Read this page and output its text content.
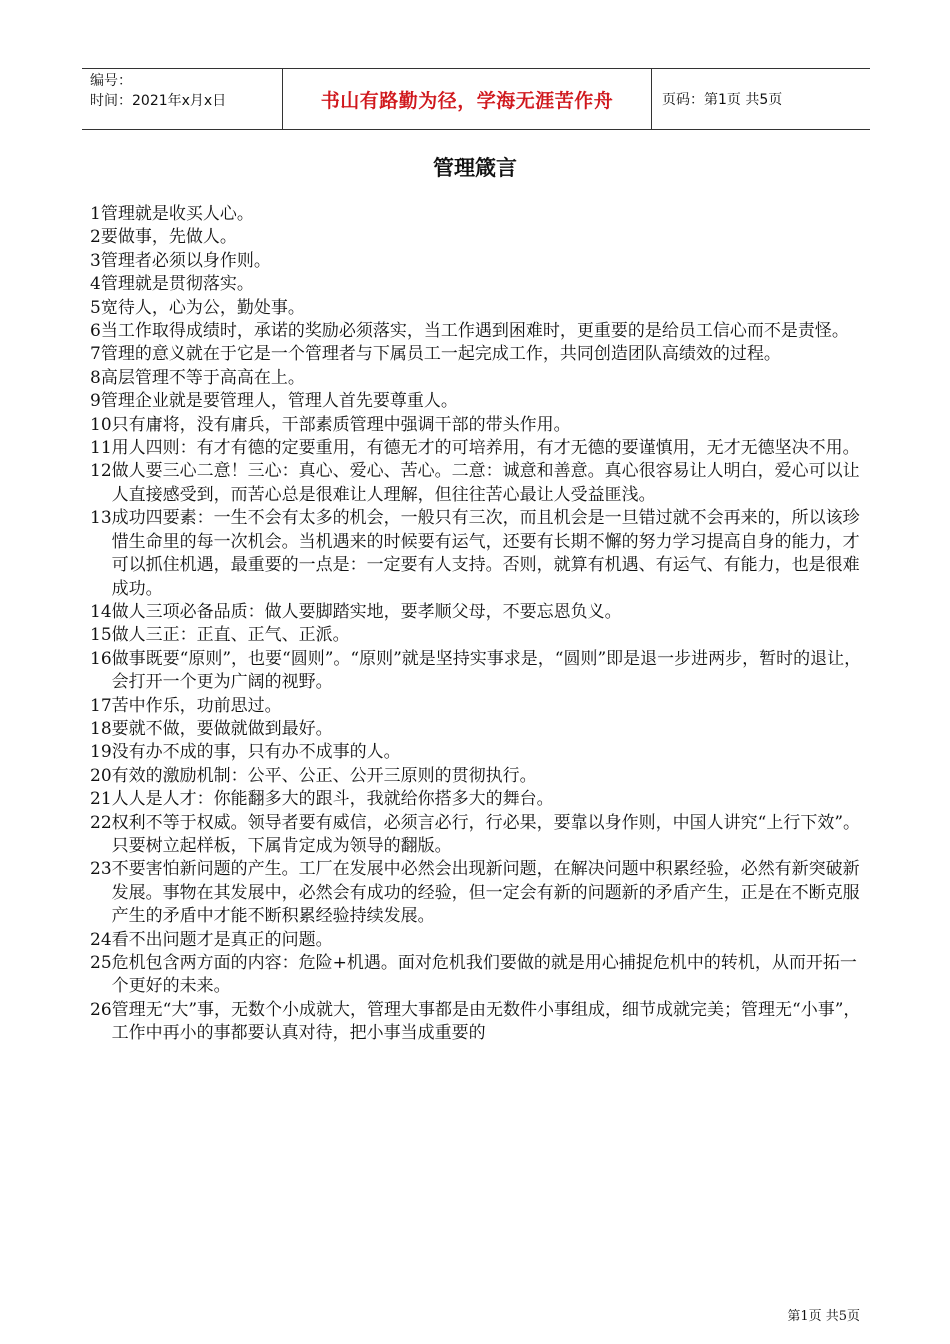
编号：
时间：2021年x月x日	书山有路勤为径，学海无涯苦作舟	页码：第1页 共5页
管理箴言
1 管理就是收买人心。
2 要做事，先做人。
3 管理者必须以身作则。
4 管理就是贯彻落实。
5 宽待人，心为公，勤处事。
6 当工作取得成绩时，承诺的奖励必须落实，当工作遇到困难时，更重要的是给员工信心而不是责怪。
7 管理的意义就在于它是一个管理者与下属员工一起完成工作，共同创造团队高绩效的过程。
8 高层管理不等于高高在上。
9 管理企业就是要管理人，管理人首先要尊重人。
10 只有庸将，没有庸兵，干部素质管理中强调干部的带头作用。
11 用人四则：有才有德的定要重用，有德无才的可培养用，有才无德的要谨慎用，无才无德坚决不用。
12 做人要三心二意！三心：真心、爱心、苦心。二意：诚意和善意。真心很容易让人明白，爱心可以让人直接感受到，而苦心总是很难让人理解，但往往苦心最让人受益匪浅。
13 成功四要素：一生不会有太多的机会，一般只有三次，而且机会是一旦错过就不会再来的，所以该珍惜生命里的每一次机会。当机遇来的时候要有运气，还要有长期不懈的努力学习提高自身的能力，才可以抓住机遇，最重要的一点是：一定要有人支持。否则，就算有机遇、有运气、有能力，也是很难成功。
14 做人三项必备品质：做人要脚踏实地，要孝顺父母，不要忘恩负义。
15 做人三正：正直、正气、正派。
16 做事既要“原则”，也要“圆则”。“原则”就是坚持实事求是，“圆则”即是退一步进两步，暂时的退让，会打开一个更为广阔的视野。
17 苦中作乐，功前思过。
18 要就不做，要做就做到最好。
19 没有办不成的事，只有办不成事的人。
20 有效的激励机制：公平、公正、公开三原则的贯彻执行。
21 人人是人才：你能翻多大的跟斗，我就给你搭多大的舞台。
22 权利不等于权威。领导者要有威信，必须言必行，行必果，要靠以身作则，中国人讲究“上行下效”。只要树立起样板，下属肯定成为领导的翻版。
23 不要害怕新问题的产生。工厂在发展中必然会出现新问题，在解决问题中积累经验，必然有新突破新发展。事物在其发展中，必然会有成功的经验，但一定会有新的问题新的矛盾产生，正是在不断克服产生的矛盾中才能不断积累经验持续发展。
24 看不出问题才是真正的问题。
25 危机包含两方面的内容：危险+机遇。面对危机我们要做的就是用心捕捉危机中的转机，从而开拓一个更好的未来。
26 管理无“大”事，无数个小成就大，管理大事都是由无数件小事组成，细节成就完美；管理无“小事”，工作中再小的事都要认真对待，把小事当成重要的
第1页 共5页
